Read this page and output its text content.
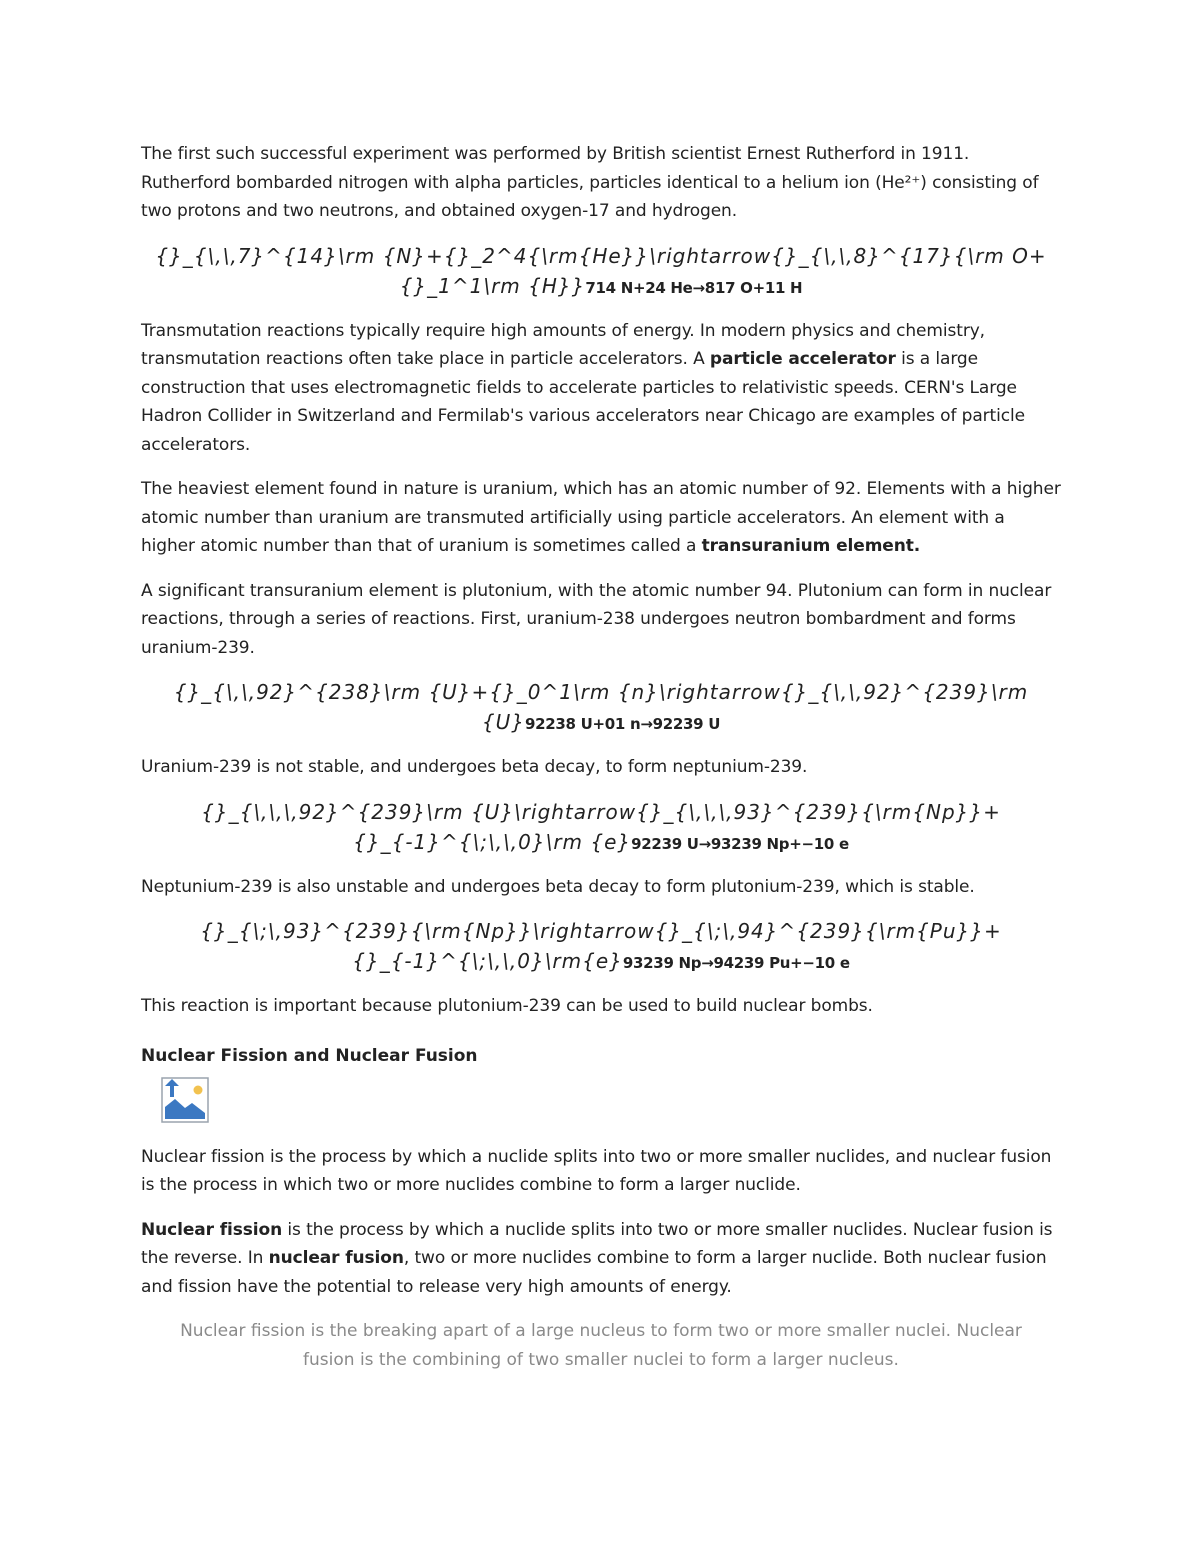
The first such successful experiment was performed by British scientist Ernest Rutherford in 1911. Rutherford bombarded nitrogen with alpha particles, particles identical to a helium ion (He²⁺) consisting of two protons and two neutrons, and obtained oxygen-17 and hydrogen.

{}_{\,\,7}^{14}\rm {N}+{}_2^4{\rm{He}}\rightarrow{}_{\,\,8}^{17}{\rm O+{}_1^1\rm {H}}714 N+24 He→817 O+11 H

Transmutation reactions typically require high amounts of energy. In modern physics and chemistry, transmutation reactions often take place in particle accelerators. A particle accelerator is a large construction that uses electromagnetic fields to accelerate particles to relativistic speeds. CERN's Large Hadron Collider in Switzerland and Fermilab's various accelerators near Chicago are examples of particle accelerators.

The heaviest element found in nature is uranium, which has an atomic number of 92. Elements with a higher atomic number than uranium are transmuted artificially using particle accelerators. An element with a higher atomic number than that of uranium is sometimes called a transuranium element.

A significant transuranium element is plutonium, with the atomic number 94. Plutonium can form in nuclear reactions, through a series of reactions. First, uranium-238 undergoes neutron bombardment and forms uranium-239.

{}_{\,\,92}^{238}\rm {U}+{}_0^1\rm {n}\rightarrow{}_{\,\,92}^{239}\rm {U}92238 U+01 n→92239 U

Uranium-239 is not stable, and undergoes beta decay, to form neptunium-239.

{}_{\,\,\,92}^{239}\rm {U}\rightarrow{}_{\,\,\,93}^{239}{\rm{Np}}+{}_{-1}^{\;\,\,0}\rm {e}92239 U→93239 Np+−10 e

Neptunium-239 is also unstable and undergoes beta decay to form plutonium-239, which is stable.

{}_{\;\,93}^{239}{\rm{Np}}\rightarrow{}_{\;\,94}^{239}{\rm{Pu}}+{}_{-1}^{\;\,\,0}\rm{e}93239 Np→94239 Pu+−10 e

This reaction is important because plutonium-239 can be used to build nuclear bombs.

Nuclear Fission and Nuclear Fusion

Nuclear fission is the process by which a nuclide splits into two or more smaller nuclides, and nuclear fusion is the process in which two or more nuclides combine to form a larger nuclide.

Nuclear fission is the process by which a nuclide splits into two or more smaller nuclides. Nuclear fusion is the reverse. In nuclear fusion, two or more nuclides combine to form a larger nuclide. Both nuclear fusion and fission have the potential to release very high amounts of energy.

Nuclear fission is the breaking apart of a large nucleus to form two or more smaller nuclei. Nuclear fusion is the combining of two smaller nuclei to form a larger nucleus.
